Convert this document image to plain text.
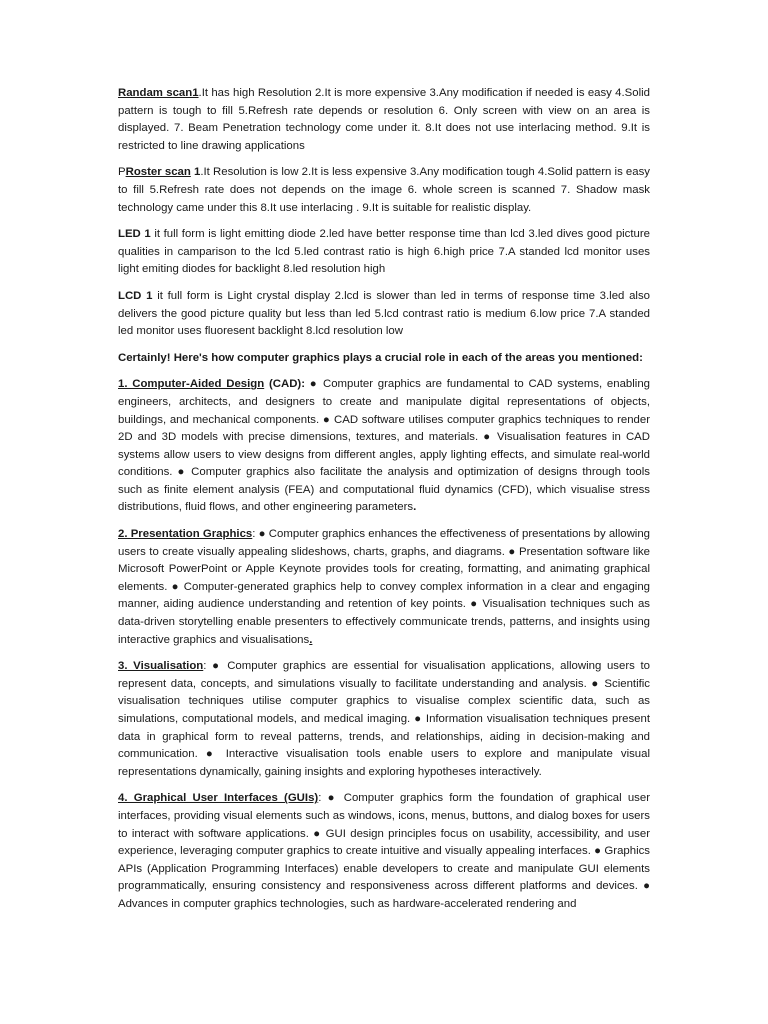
Randam scan1.It has high Resolution 2.It is more expensive 3.Any modification if needed is easy 4.Solid pattern is tough to fill 5.Refresh rate depends or resolution 6. Only screen with view on an area is displayed. 7. Beam Penetration technology come under it. 8.It does not use interlacing method. 9.It is restricted to line drawing applications

PRoster scan 1.It Resolution is low 2.It is less expensive 3.Any modification tough 4.Solid pattern is easy to fill 5.Refresh rate does not depends on the image 6. whole screen is scanned 7. Shadow mask technology came under this 8.It use interlacing . 9.It is suitable for realistic display.

LED 1 it full form is light emitting diode 2.led have better response time than lcd 3.led dives good picture qualities in camparison to the lcd 5.led contrast ratio is high 6.high price 7.A standed lcd monitor uses light emiting diodes for backlight 8.led resolution high

LCD 1 it full form is Light crystal display 2.lcd is slower than led in terms of response time 3.led also delivers the good picture quality but less than led 5.lcd contrast ratio is medium 6.low price 7.A standed led monitor uses fluoresent backlight 8.lcd resolution low

Certainly! Here's how computer graphics plays a crucial role in each of the areas you mentioned:

1. Computer-Aided Design (CAD): ● Computer graphics are fundamental to CAD systems, enabling engineers, architects, and designers to create and manipulate digital representations of objects, buildings, and mechanical components. ● CAD software utilises computer graphics techniques to render 2D and 3D models with precise dimensions, textures, and materials. ● Visualisation features in CAD systems allow users to view designs from different angles, apply lighting effects, and simulate real-world conditions. ● Computer graphics also facilitate the analysis and optimization of designs through tools such as finite element analysis (FEA) and computational fluid dynamics (CFD), which visualise stress distributions, fluid flows, and other engineering parameters.

2. Presentation Graphics: ● Computer graphics enhances the effectiveness of presentations by allowing users to create visually appealing slideshows, charts, graphs, and diagrams. ● Presentation software like Microsoft PowerPoint or Apple Keynote provides tools for creating, formatting, and animating graphical elements. ● Computer-generated graphics help to convey complex information in a clear and engaging manner, aiding audience understanding and retention of key points. ● Visualisation techniques such as data-driven storytelling enable presenters to effectively communicate trends, patterns, and insights using interactive graphics and visualisations.

3. Visualisation: ● Computer graphics are essential for visualisation applications, allowing users to represent data, concepts, and simulations visually to facilitate understanding and analysis. ● Scientific visualisation techniques utilise computer graphics to visualise complex scientific data, such as simulations, computational models, and medical imaging. ● Information visualisation techniques present data in graphical form to reveal patterns, trends, and relationships, aiding in decision-making and communication. ● Interactive visualisation tools enable users to explore and manipulate visual representations dynamically, gaining insights and exploring hypotheses interactively.

4. Graphical User Interfaces (GUIs): ● Computer graphics form the foundation of graphical user interfaces, providing visual elements such as windows, icons, menus, buttons, and dialog boxes for users to interact with software applications. ● GUI design principles focus on usability, accessibility, and user experience, leveraging computer graphics to create intuitive and visually appealing interfaces. ● Graphics APIs (Application Programming Interfaces) enable developers to create and manipulate GUI elements programmatically, ensuring consistency and responsiveness across different platforms and devices. ● Advances in computer graphics technologies, such as hardware-accelerated rendering and
